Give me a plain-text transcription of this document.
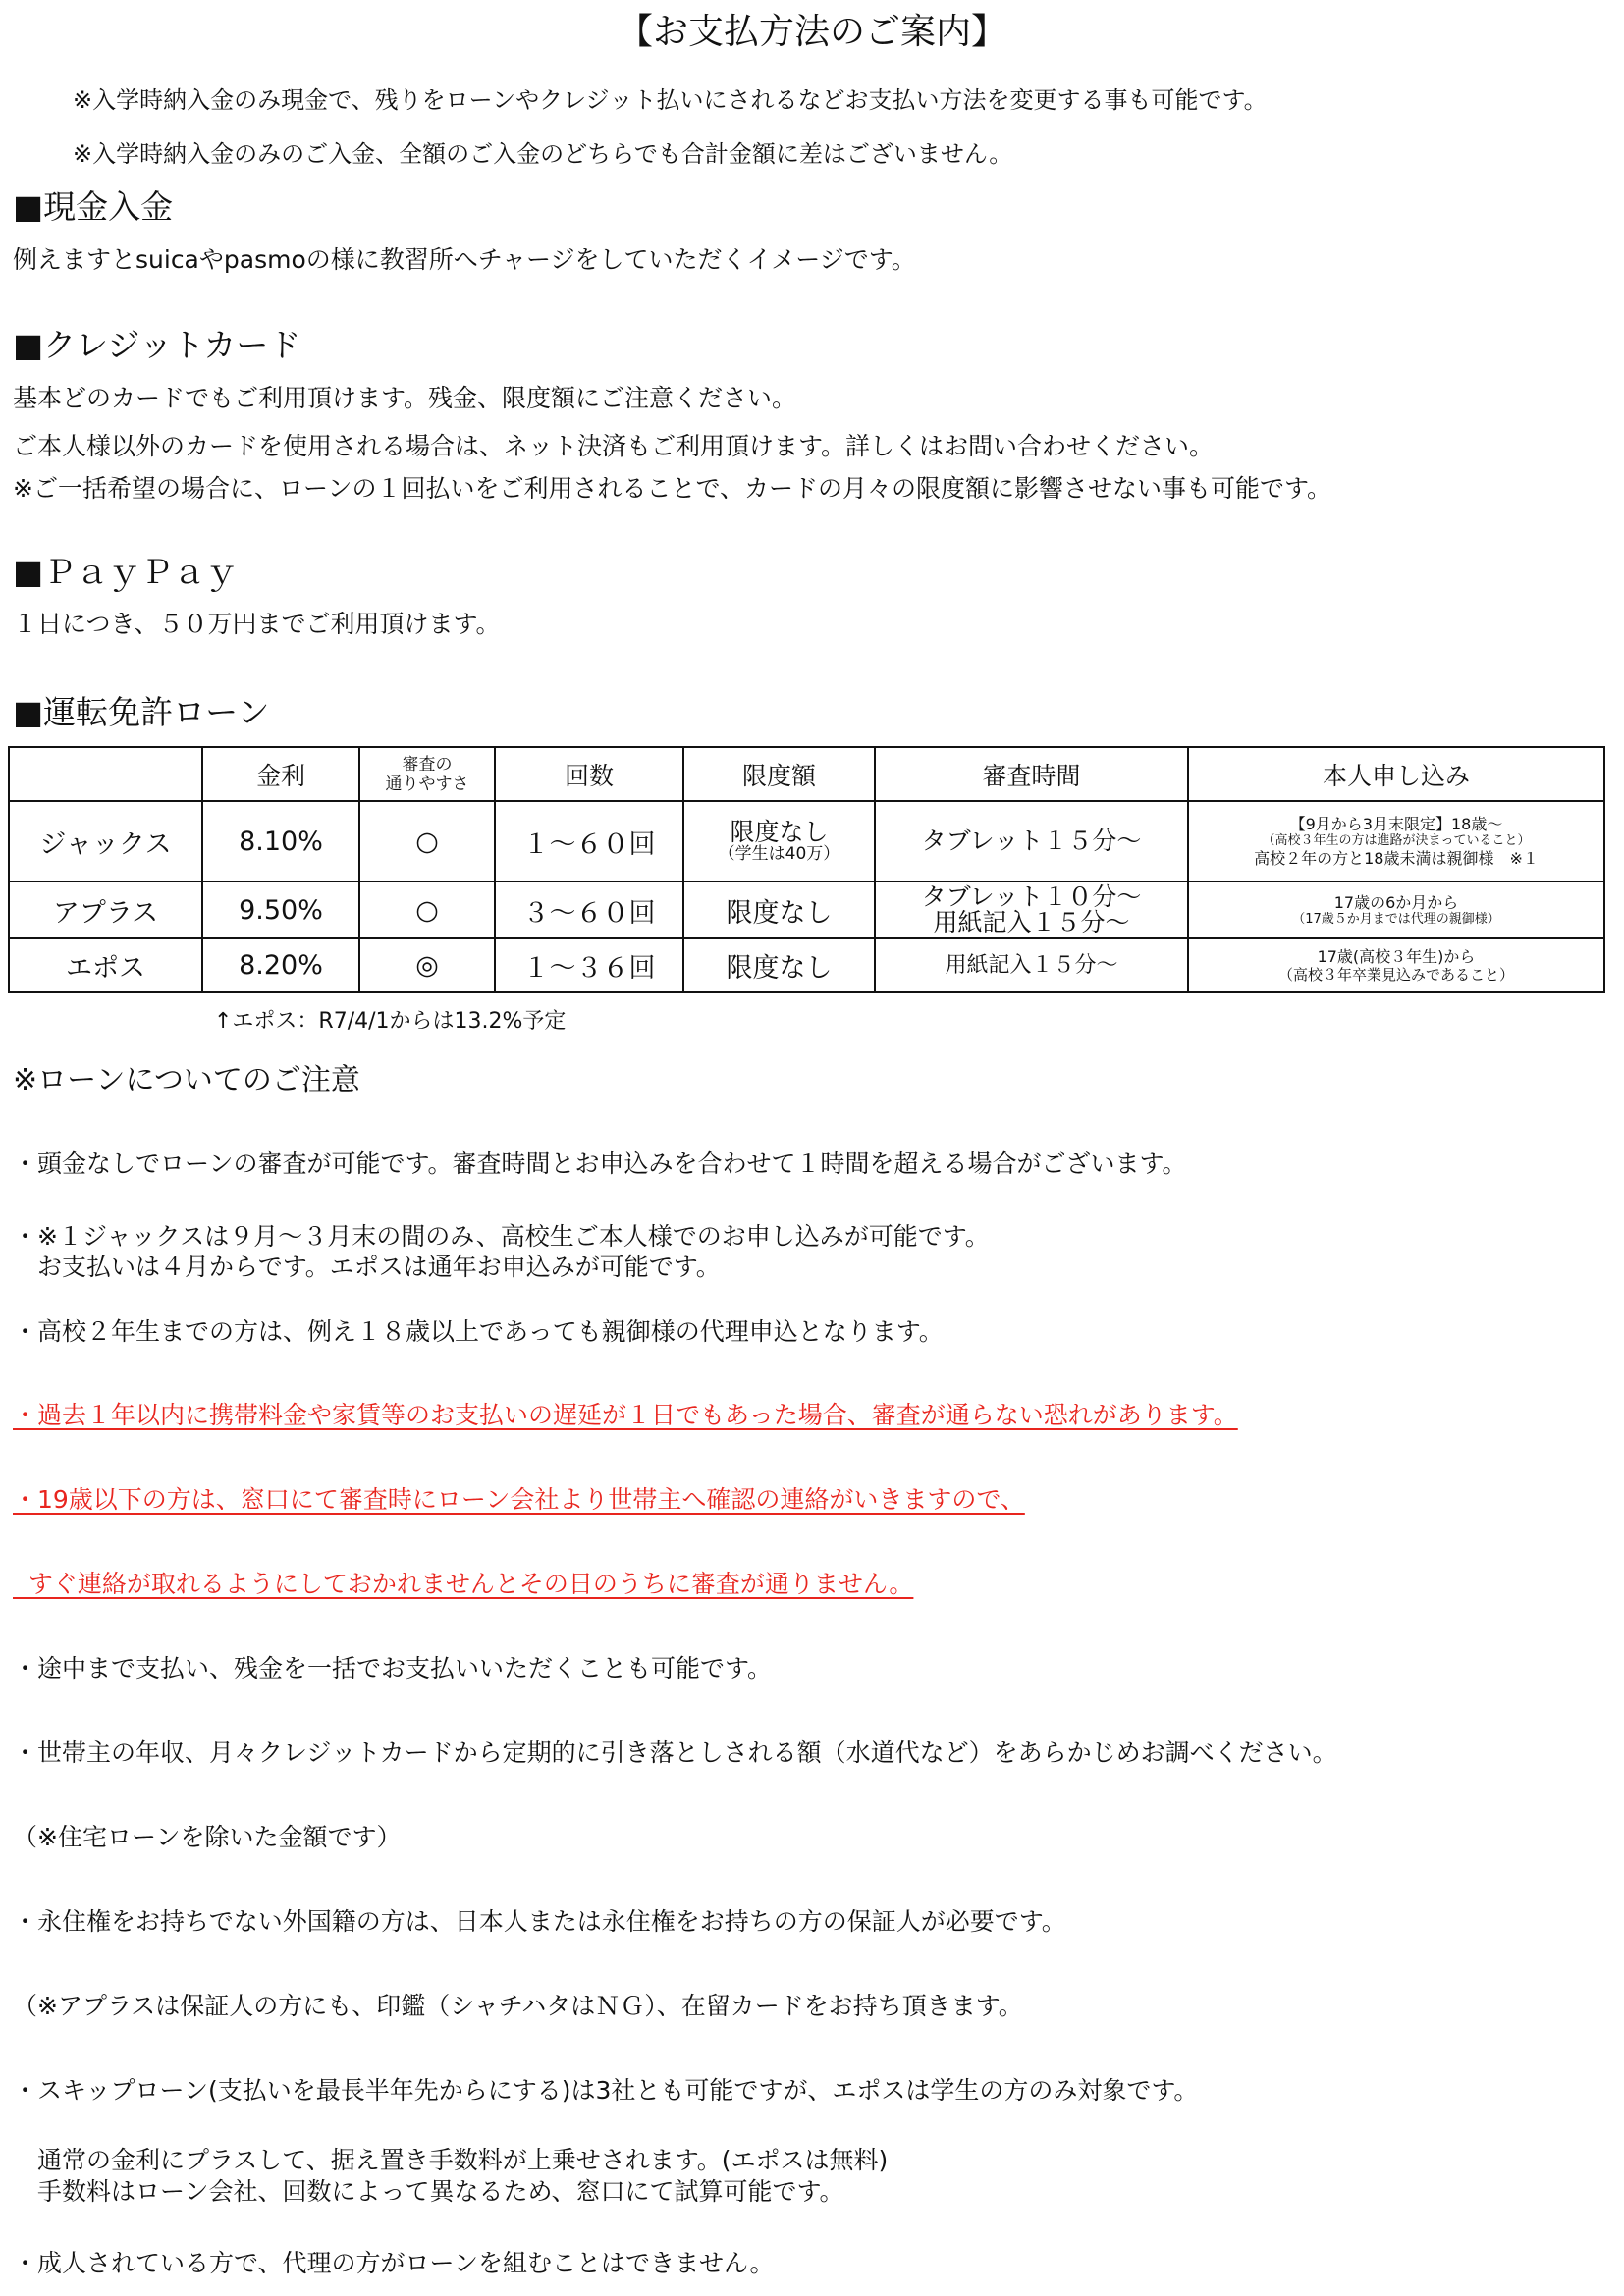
【お支払方法のご案内】

※入学時納入金のみ現金で、残りをローンやクレジット払いにされるなどお支払い方法を変更する事も可能です。

※入学時納入金のみのご入金、全額のご入金のどちらでも合計金額に差はございません。

■現金入金

例えますとsuicaやpasmoの様に教習所へチャージをしていただくイメージです。

■クレジットカード

基本どのカードでもご利用頂けます。残金、限度額にご注意ください。

ご本人様以外のカードを使用される場合は、ネット決済もご利用頂けます。詳しくはお問い合わせください。

※ご一括希望の場合に、ローンの１回払いをご利用されることで、カードの月々の限度額に影響させない事も可能です。

■ＰａｙＰａｙ

１日につき、５０万円までご利用頂けます。

■運転免許ローン
	金利	審査の
通りやすさ	回数	限度額	審査時間	本人申し込み
ジャックス	8.10%	○	１～６０回	限度なし
（学生は40万）	タブレット１５分～	【9月から3月末限定】18歳～
（高校３年生の方は進路が決まっていること）
高校２年の方と18歳未満は親御様　※１

アプラス	9.50%	○	３～６０回	限度なし	タブレット１０分～
用紙記入１５分～	17歳の6か月から
（17歳５か月までは代理の親御様）

エポス	8.20%	◎	１～３６回	限度なし	用紙記入１５分～	17歳(高校３年生)から
（高校３年卒業見込みであること）

↑エポス：R7/4/1からは13.2%予定

※ローンについてのご注意

・頭金なしでローンの審査が可能です。審査時間とお申込みを合わせて１時間を超える場合がございます。

・※１ジャックスは９月～３月末の間のみ、高校生ご本人様でのお申し込みが可能です。

　お支払いは４月からです。エポスは通年お申込みが可能です。

・高校２年生までの方は、例え１８歳以上であっても親御様の代理申込となります。

・過去１年以内に携帯料金や家賃等のお支払いの遅延が１日でもあった場合、審査が通らない恐れがあります。

・19歳以下の方は、窓口にて審査時にローン会社より世帯主へ確認の連絡がいきますので、

すぐ連絡が取れるようにしておかれませんとその日のうちに審査が通りません。

・途中まで支払い、残金を一括でお支払いいただくことも可能です。

・世帯主の年収、月々クレジットカードから定期的に引き落としされる額（水道代など）をあらかじめお調べください。

（※住宅ローンを除いた金額です）

・永住権をお持ちでない外国籍の方は、日本人または永住権をお持ちの方の保証人が必要です。

（※アプラスは保証人の方にも、印鑑（シャチハタはＮＧ）、在留カードをお持ち頂きます。

・スキップローン(支払いを最長半年先からにする)は3社とも可能ですが、エポスは学生の方のみ対象です。

　通常の金利にプラスして、据え置き手数料が上乗せされます。(エポスは無料)

　手数料はローン会社、回数によって異なるため、窓口にて試算可能です。

・成人されている方で、代理の方がローンを組むことはできません。
